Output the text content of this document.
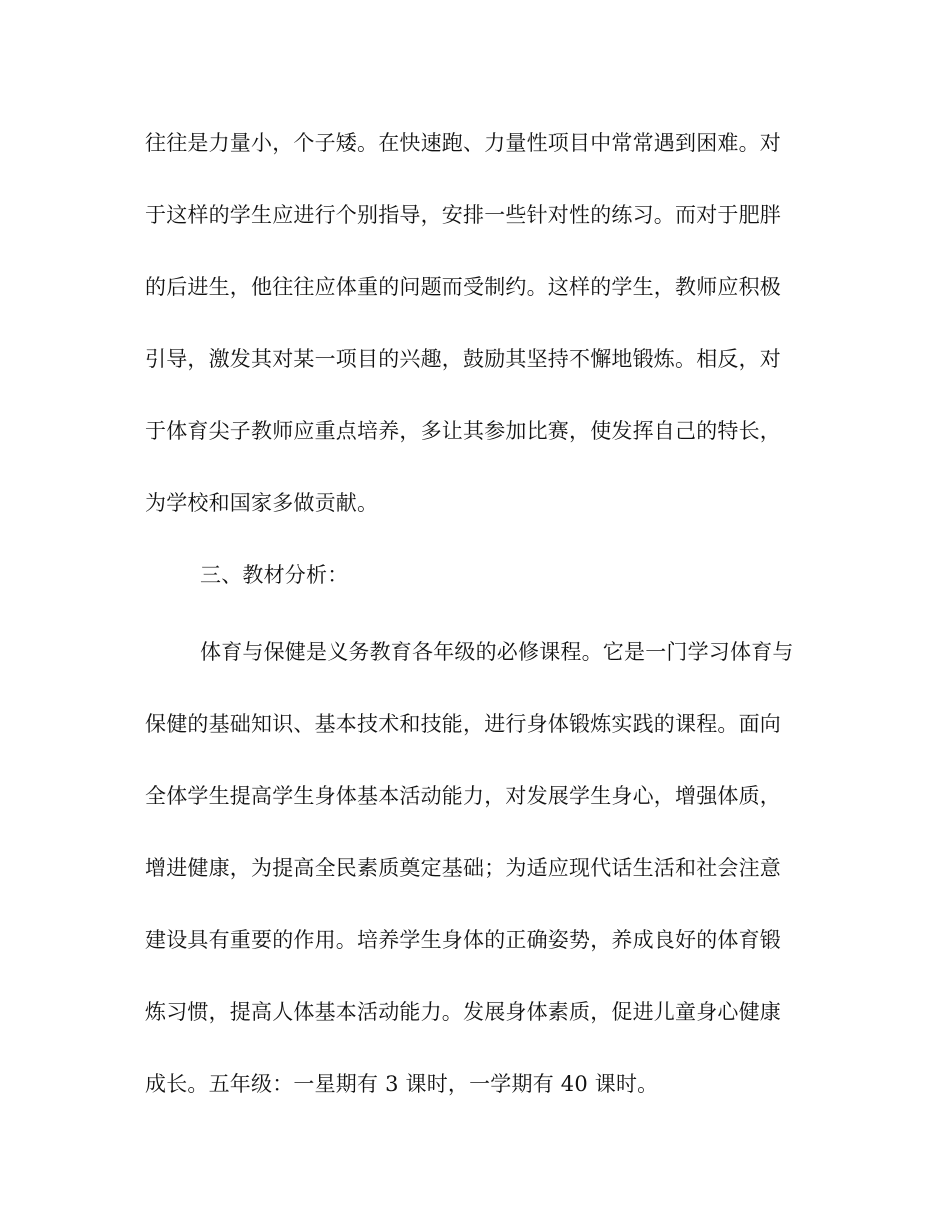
往往是力量小，个子矮。在快速跑、力量性项目中常常遇到困难。对
于这样的学生应进行个别指导，安排一些针对性的练习。而对于肥胖
的后进生，他往往应体重的问题而受制约。这样的学生，教师应积极
引导，激发其对某一项目的兴趣，鼓励其坚持不懈地锻炼。相反，对
于体育尖子教师应重点培养，多让其参加比赛，使发挥自己的特长，
为学校和国家多做贡献。
三、教材分析：
体育与保健是义务教育各年级的必修课程。它是一门学习体育与
保健的基础知识、基本技术和技能，进行身体锻炼实践的课程。面向
全体学生提高学生身体基本活动能力，对发展学生身心，增强体质，
增进健康，为提高全民素质奠定基础；为适应现代话生活和社会注意
建设具有重要的作用。培养学生身体的正确姿势，养成良好的体育锻
炼习惯，提高人体基本活动能力。发展身体素质，促进儿童身心健康
成长。五年级：一星期有 3 课时，一学期有 40 课时。
